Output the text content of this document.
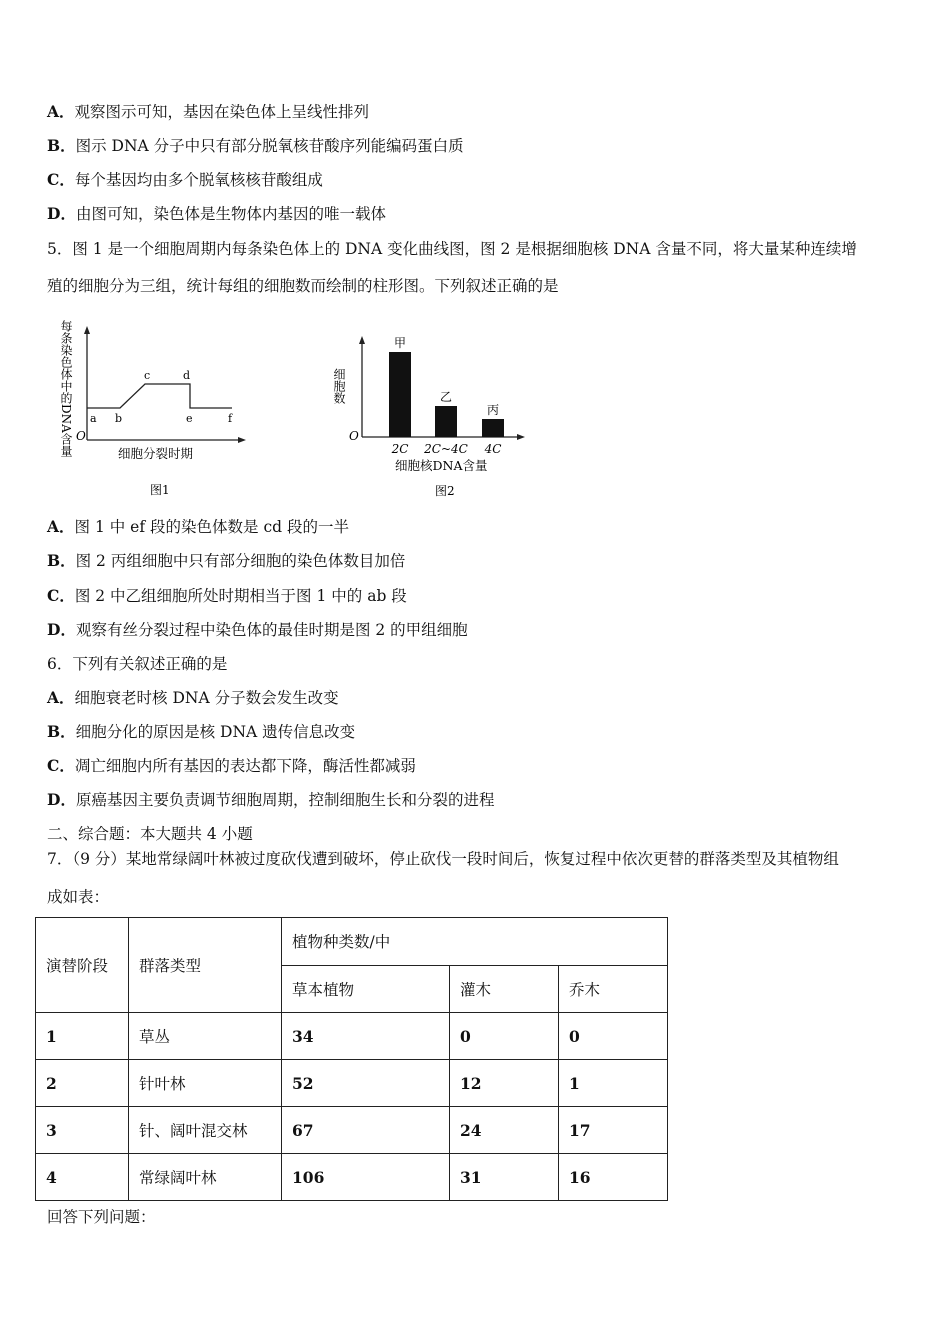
A．观察图示可知，基因在染色体上呈线性排列
B．图示 DNA 分子中只有部分脱氧核苷酸序列能编码蛋白质
C．每个基因均由多个脱氧核核苷酸组成
D．由图可知，染色体是生物体内基因的唯一载体
5．图 1 是一个细胞周期内每条染色体上的 DNA 变化曲线图，图 2 是根据细胞核 DNA 含量不同，将大量某种连续增
殖的细胞分为三组，统计每组的细胞数而绘制的柱形图。下列叙述正确的是
每条染色体中的DNA含量 O
a b
c	d
e	f
细胞分裂时期
图1
细胞数
O
甲
2C
乙
2C~4C
丙
4C
细胞核DNA含量
图2
A．图 1 中 ef 段的染色体数是 cd 段的一半
B．图 2 丙组细胞中只有部分细胞的染色体数目加倍
C．图 2 中乙组细胞所处时期相当于图 1 中的 ab 段
D．观察有丝分裂过程中染色体的最佳时期是图 2 的甲组细胞
6．下列有关叙述正确的是
A．细胞衰老时核 DNA 分子数会发生改变
B．细胞分化的原因是核 DNA 遗传信息改变
C．凋亡细胞内所有基因的表达都下降，酶活性都减弱
D．原癌基因主要负责调节细胞周期，控制细胞生长和分裂的进程
二、综合题：本大题共 4 小题
7．（9 分）某地常绿阔叶林被过度砍伐遭到破坏，停止砍伐一段时间后，恢复过程中依次更替的群落类型及其植物组
成如表：
演替阶段	群落类型	植物种类数/中		
		草本植物	灌木	乔木
1	草丛	34	0	0
2	针叶林	52	12	1
3	针、阔叶混交林	67	24	17
4	常绿阔叶林	106	31	16
回答下列问题：
